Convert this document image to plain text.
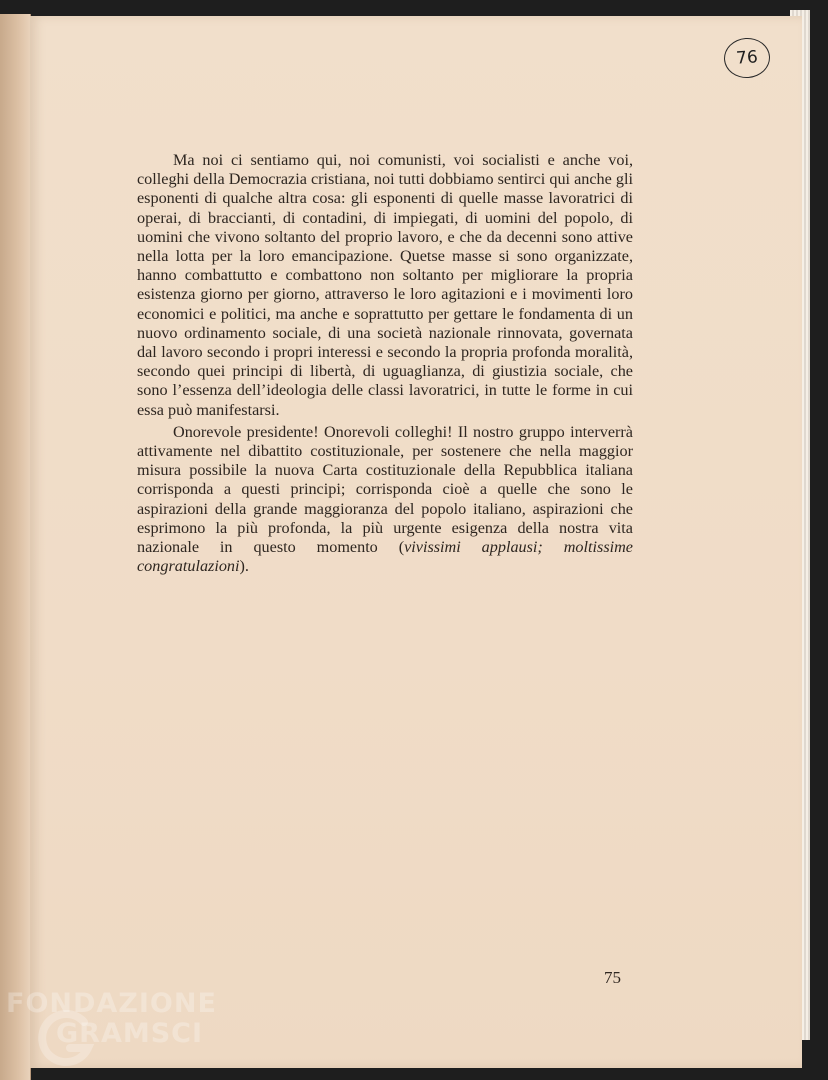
76

Ma noi ci sentiamo qui, noi comunisti, voi socialisti e anche voi, colleghi della Democrazia cristiana, noi tutti dobbiamo sentirci qui anche gli esponenti di qualche altra cosa: gli esponenti di quelle masse lavoratrici di operai, di braccianti, di contadini, di impiegati, di uomini del popolo, di uomini che vivono soltanto del proprio lavoro, e che da decenni sono attive nella lotta per la loro emancipazione. Quetse masse si sono organizzate, hanno combattutto e combattono non soltanto per migliorare la propria esistenza giorno per giorno, attraverso le loro agitazioni e i movimenti loro economici e politici, ma anche e soprattutto per gettare le fondamenta di un nuovo ordinamento sociale, di una società nazionale rinnovata, governata dal lavoro secondo i propri interessi e secondo la propria profonda moralità, secondo quei principi di libertà, di uguaglianza, di giustizia sociale, che sono l’essenza dell’ideologia delle classi lavoratrici, in tutte le forme in cui essa può manifestarsi.

Onorevole presidente! Onorevoli colleghi! Il nostro gruppo interverrà attivamente nel dibattito costituzionale, per sostenere che nella maggior misura possibile la nuova Carta costituzionale della Repubblica italiana corrisponda a questi principi; corrisponda cioè a quelle che sono le aspirazioni della grande maggioranza del popolo italiano, aspirazioni che esprimono la più profonda, la più urgente esigenza della nostra vita nazionale in questo momento (vivissimi applausi; moltissime congratulazioni).

75
FONDAZIONE
GRAMSCI
